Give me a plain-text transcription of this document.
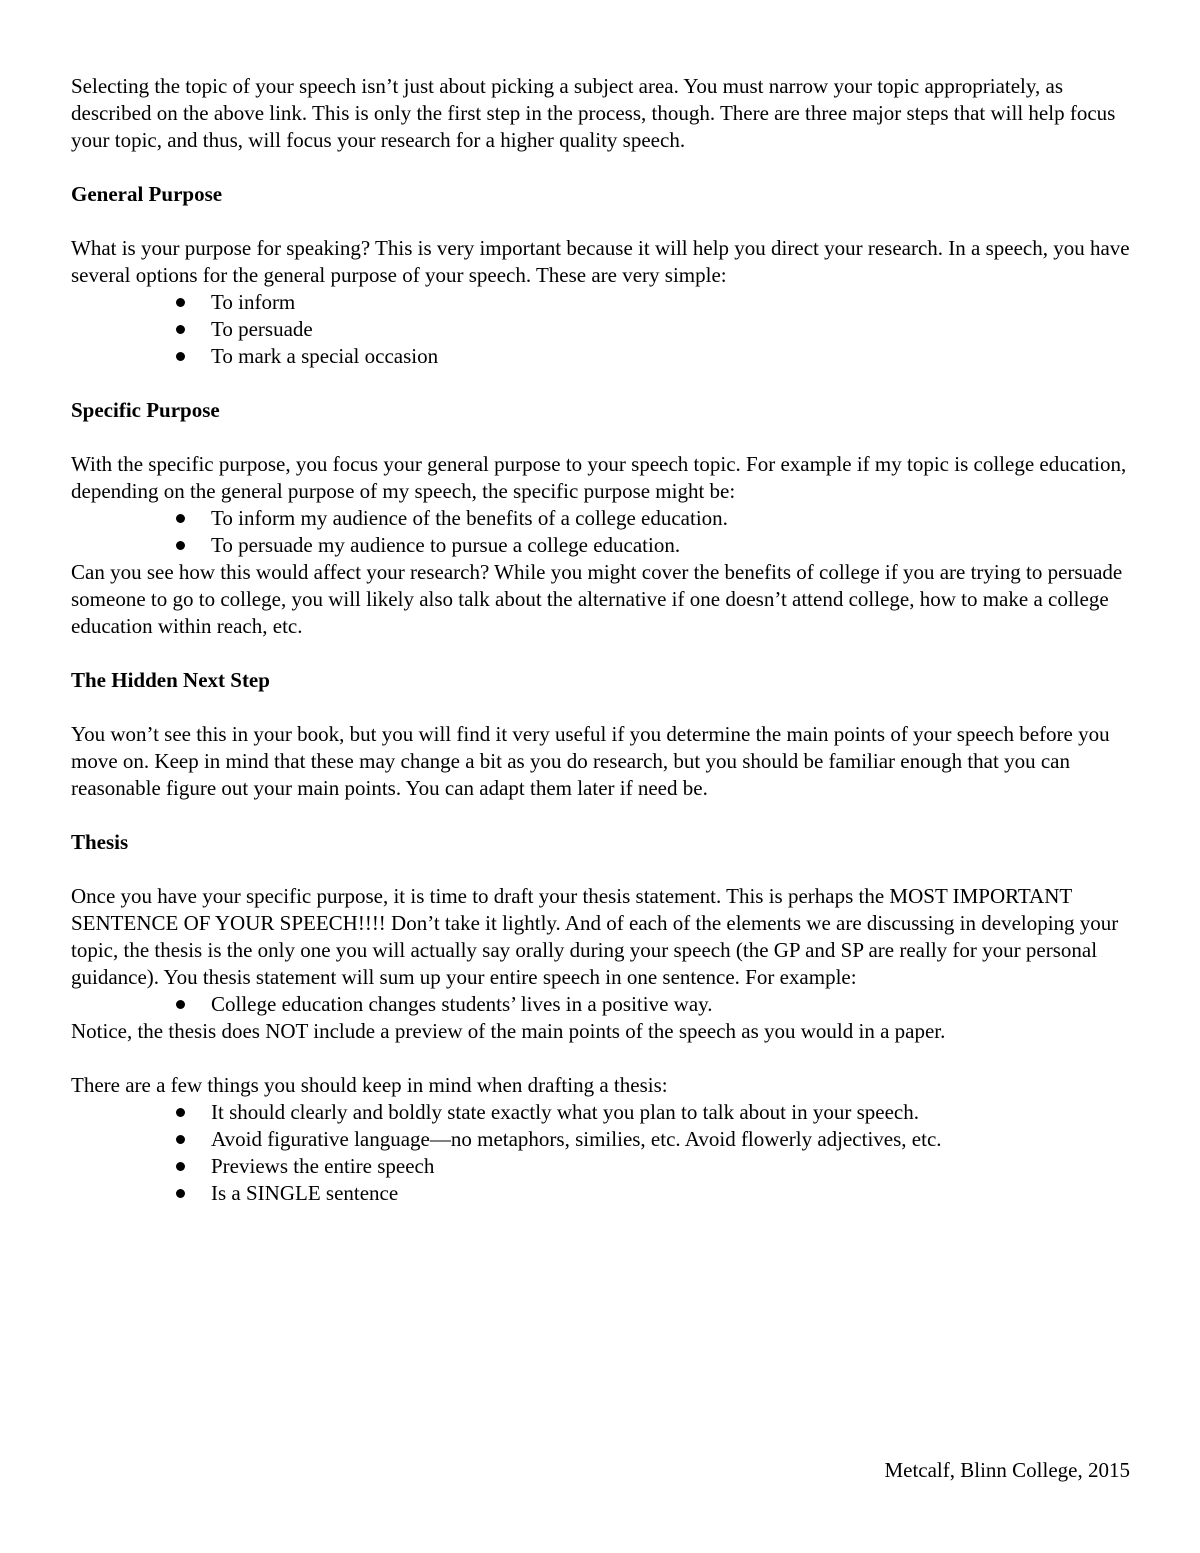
Selecting the topic of your speech isn’t just about picking a subject area. You must narrow your topic appropriately, as described on the above link. This is only the first step in the process, though. There are three major steps that will help focus your topic, and thus, will focus your research for a higher quality speech.

General Purpose

What is your purpose for speaking? This is very important because it will help you direct your research. In a speech, you have several options for the general purpose of your speech. These are very simple:

To inform
To persuade
To mark a special occasion
Specific Purpose

With the specific purpose, you focus your general purpose to your speech topic. For example if my topic is college education, depending on the general purpose of my speech, the specific purpose might be:

To inform my audience of the benefits of a college education.
To persuade my audience to pursue a college education.

Can you see how this would affect your research? While you might cover the benefits of college if you are trying to persuade someone to go to college, you will likely also talk about the alternative if one doesn’t attend college, how to make a college education within reach, etc.

The Hidden Next Step

You won’t see this in your book, but you will find it very useful if you determine the main points of your speech before you move on. Keep in mind that these may change a bit as you do research, but you should be familiar enough that you can reasonable figure out your main points. You can adapt them later if need be.

Thesis

Once you have your specific purpose, it is time to draft your thesis statement. This is perhaps the MOST IMPORTANT SENTENCE OF YOUR SPEECH!!!! Don’t take it lightly. And of each of the elements we are discussing in developing your topic, the thesis is the only one you will actually say orally during your speech (the GP and SP are really for your personal guidance). You thesis statement will sum up your entire speech in one sentence. For example:

College education changes students’ lives in a positive way.

Notice, the thesis does NOT include a preview of the main points of the speech as you would in a paper.

There are a few things you should keep in mind when drafting a thesis:

It should clearly and boldly state exactly what you plan to talk about in your speech.
Avoid figurative language—no metaphors, similies, etc. Avoid flowerly adjectives, etc.
Previews the entire speech
Is a SINGLE sentence
Metcalf, Blinn College, 2015
